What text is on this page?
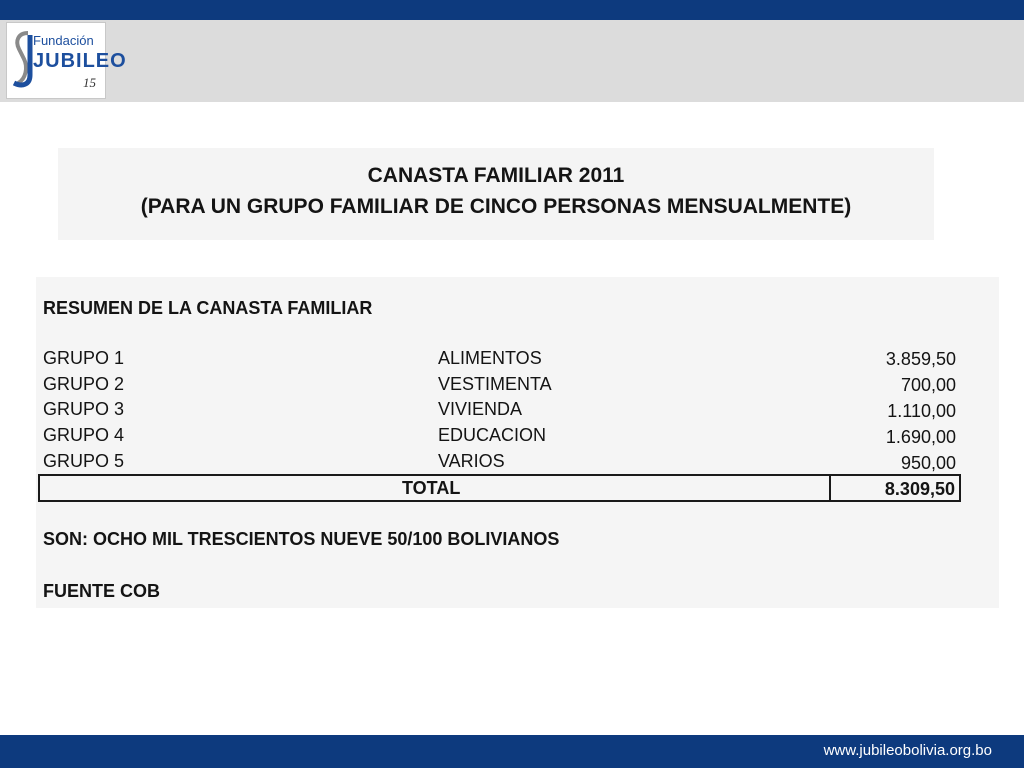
Fundación
JUBILEO
15
CANASTA FAMILIAR 2011
(PARA UN GRUPO FAMILIAR DE CINCO PERSONAS MENSUALMENTE)
RESUMEN DE LA CANASTA FAMILIAR
GRUPO 1	ALIMENTOS	3.859,50
GRUPO 2	VESTIMENTA	700,00
GRUPO 3	VIVIENDA	1.110,00
GRUPO 4	EDUCACION	1.690,00
GRUPO 5	VARIOS	950,00
TOTAL	8.309,50
SON: OCHO MIL TRESCIENTOS NUEVE 50/100 BOLIVIANOS
FUENTE COB
www.jubileobolivia.org.bo
